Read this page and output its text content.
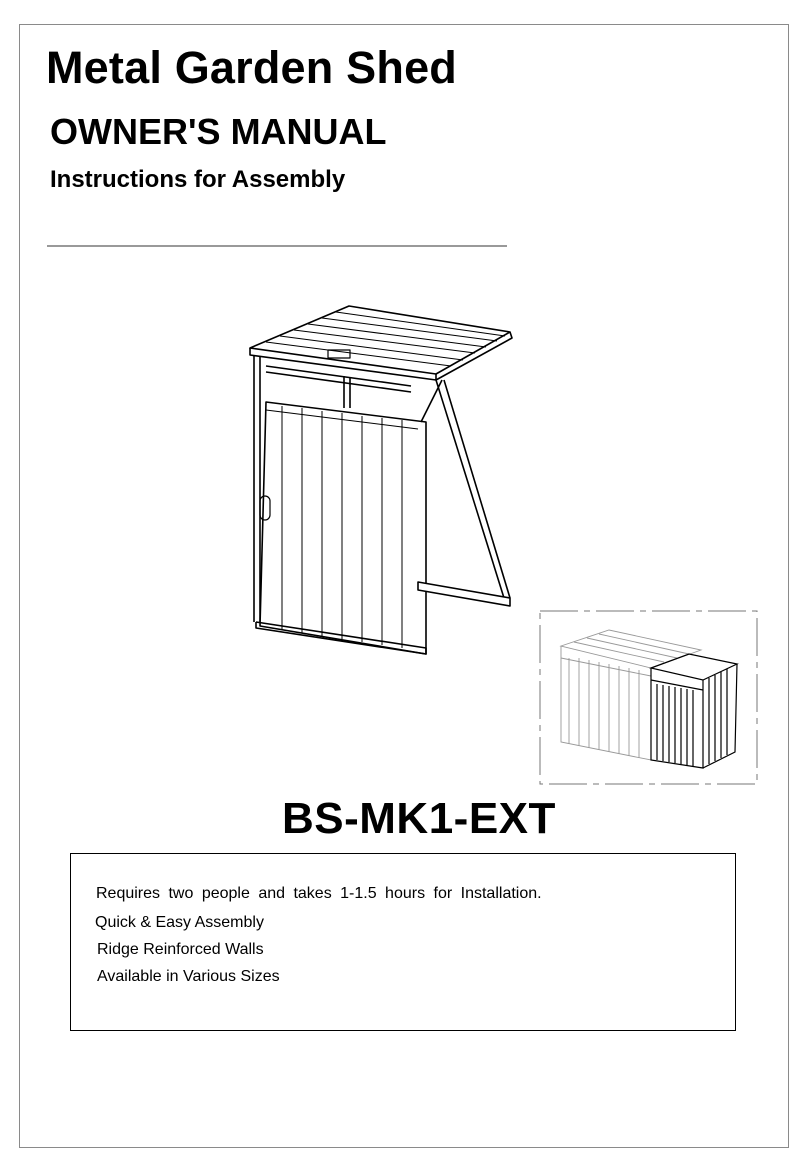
Metal Garden Shed
OWNER'S MANUAL
Instructions for Assembly
BS-MK1-EXT

Requires two people and takes 1-1.5 hours for Installation.

Quick & Easy Assembly

Ridge Reinforced Walls

Available in Various Sizes
